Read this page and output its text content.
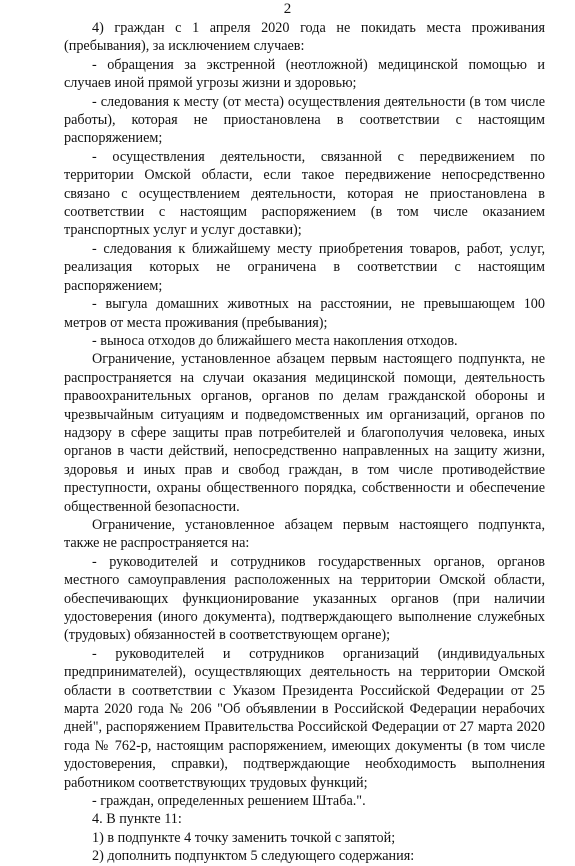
2

4) граждан с 1 апреля 2020 года не покидать места проживания (пребывания), за исключением случаев:

- обращения за экстренной (неотложной) медицинской помощью и случаев иной прямой угрозы жизни и здоровью;

- следования к месту (от места) осуществления деятельности (в том числе работы), которая не приостановлена в соответствии с настоящим распоряжением;

- осуществления деятельности, связанной с передвижением по территории Омской области, если такое передвижение непосредственно связано с осуществлением деятельности, которая не приостановлена в соответствии с настоящим распоряжением (в том числе оказанием транспортных услуг и услуг доставки);

- следования к ближайшему месту приобретения товаров, работ, услуг, реализация которых не ограничена в соответствии с настоящим распоряжением;

- выгула домашних животных на расстоянии, не превышающем 100 метров от места проживания (пребывания);

- выноса отходов до ближайшего места накопления отходов.

Ограничение, установленное абзацем первым настоящего подпункта, не распространяется на случаи оказания медицинской помощи, деятельность правоохранительных органов, органов по делам гражданской обороны и чрезвычайным ситуациям и подведомственных им организаций, органов по надзору в сфере защиты прав потребителей и благополучия человека, иных органов в части действий, непосредственно направленных на защиту жизни, здоровья и иных прав и свобод граждан, в том числе противодействие преступности, охраны общественного порядка, собственности и обеспечение общественной безопасности.

Ограничение, установленное абзацем первым настоящего подпункта, также не распространяется на:

- руководителей и сотрудников государственных органов, органов местного самоуправления расположенных на территории Омской области, обеспечивающих функционирование указанных органов (при наличии удостоверения (иного документа), подтверждающего выполнение служебных (трудовых) обязанностей в соответствующем органе);

- руководителей и сотрудников организаций (индивидуальных предпринимателей), осуществляющих деятельность на территории Омской области в соответствии с Указом Президента Российской Федерации от 25 марта 2020 года № 206 "Об объявлении в Российской Федерации нерабочих дней", распоряжением Правительства Российской Федерации от 27 марта 2020 года № 762-р, настоящим распоряжением, имеющих документы (в том числе удостоверения, справки), подтверждающие необходимость выполнения работником соответствующих трудовых функций;

- граждан, определенных решением Штаба.".

4. В пункте 11:

1) в подпункте 4 точку заменить точкой с запятой;

2) дополнить подпунктом 5 следующего содержания:
